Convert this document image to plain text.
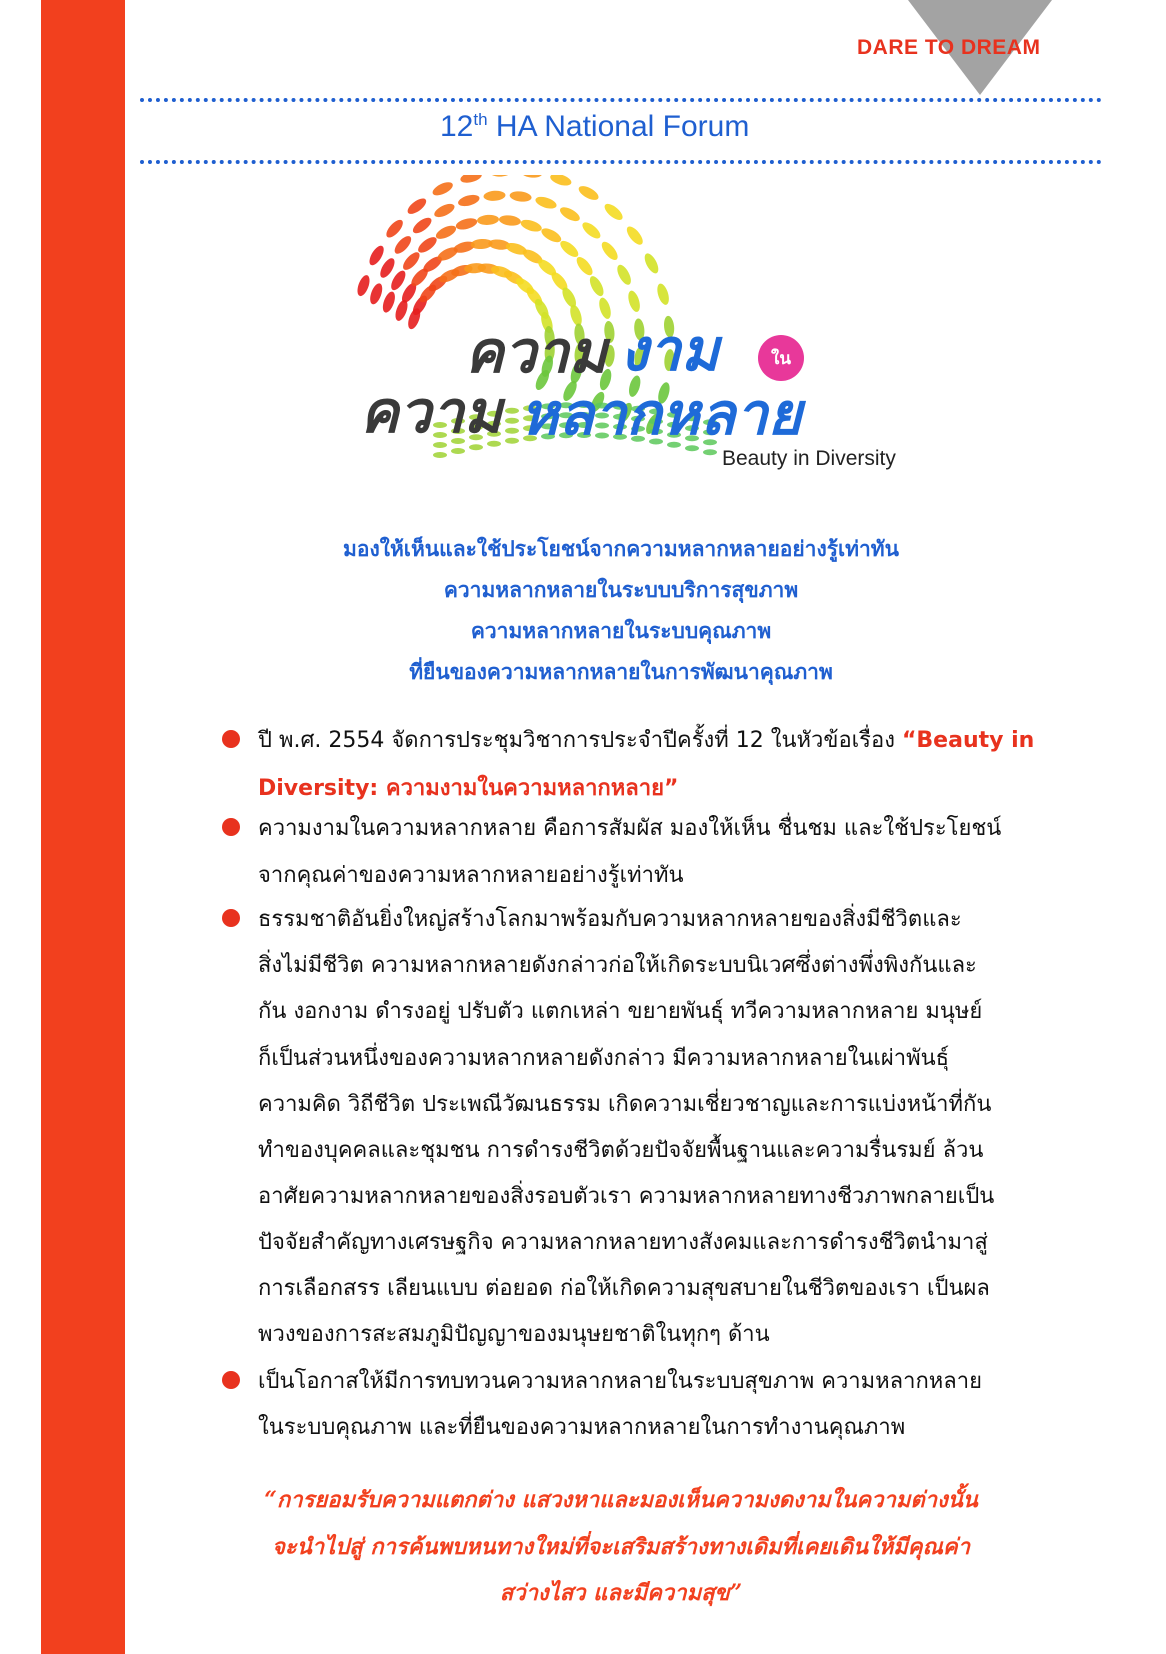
DARE TO DREAM
12th HA National Forum
ความ งาม	ใน
ความ หลากหลาย
Beauty in Diversity
มองให้เห็นและใช้ประโยชน์จากความหลากหลายอย่างรู้เท่าทัน
ความหลากหลายในระบบบริการสุขภาพ
ความหลากหลายในระบบคุณภาพ
ที่ยืนของความหลากหลายในการพัฒนาคุณภาพ
ปี พ.ศ. 2554 จัดการประชุมวิชาการประจำปีครั้งที่ 12 ในหัวข้อเรื่อง “Beauty in
Diversity: ความงามในความหลากหลาย”
ความงามในความหลากหลาย คือการสัมผัส มองให้เห็น ชื่นชม และใช้ประโยชน์
จากคุณค่าของความหลากหลายอย่างรู้เท่าทัน
ธรรมชาติอันยิ่งใหญ่สร้างโลกมาพร้อมกับความหลากหลายของสิ่งมีชีวิตและ
สิ่งไม่มีชีวิต ความหลากหลายดังกล่าวก่อให้เกิดระบบนิเวศซึ่งต่างพึ่งพิงกันและ
กัน งอกงาม ดำรงอยู่ ปรับตัว แตกเหล่า ขยายพันธุ์ ทวีความหลากหลาย มนุษย์
ก็เป็นส่วนหนึ่งของความหลากหลายดังกล่าว มีความหลากหลายในเผ่าพันธุ์
ความคิด วิถีชีวิต ประเพณีวัฒนธรรม เกิดความเชี่ยวชาญและการแบ่งหน้าที่กัน
ทำของบุคคลและชุมชน การดำรงชีวิตด้วยปัจจัยพื้นฐานและความรื่นรมย์ ล้วน
อาศัยความหลากหลายของสิ่งรอบตัวเรา ความหลากหลายทางชีวภาพกลายเป็น
ปัจจัยสำคัญทางเศรษฐกิจ ความหลากหลายทางสังคมและการดำรงชีวิตนำมาสู่
การเลือกสรร เลียนแบบ ต่อยอด ก่อให้เกิดความสุขสบายในชีวิตของเรา เป็นผล
พวงของการสะสมภูมิปัญญาของมนุษยชาติในทุกๆ ด้าน
เป็นโอกาสให้มีการทบทวนความหลากหลายในระบบสุขภาพ ความหลากหลาย
ในระบบคุณภาพ และที่ยืนของความหลากหลายในการทำงานคุณภาพ
“การยอมรับความแตกต่าง แสวงหาและมองเห็นความงดงามในความต่างนั้น
จะนำไปสู่ การค้นพบหนทางใหม่ที่จะเสริมสร้างทางเดิมที่เคยเดินให้มีคุณค่า
สว่างไสว และมีความสุข”
